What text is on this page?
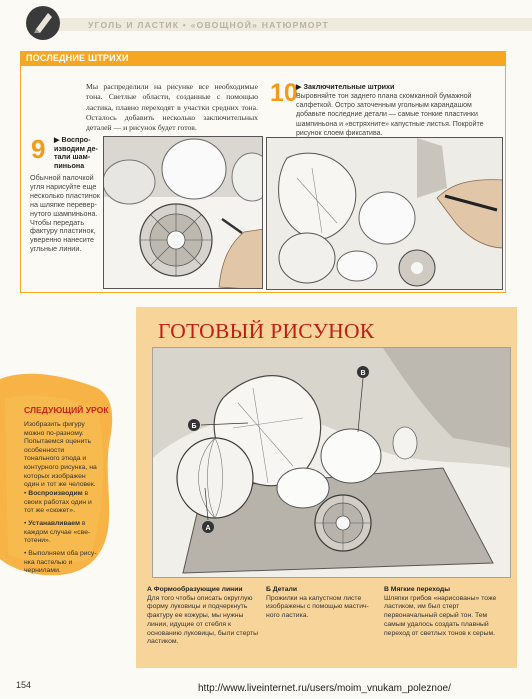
УГОЛЬ И ЛАСТИК • «ОВОЩНОЙ» НАТЮРМОРТ
ПОСЛЕДНИЕ ШТРИХИ
Мы распределили на рисунке все необходимые тона. Светлые области, созданные с помощью ластика, плавно переходят в участки средних тона. Осталось добавить несколько заключительных деталей — и рисунок будет готов.
9 ▶ Воспроизводим детали шампиньона
Обычной палочкой угля нарисуйте еще несколько пластинок на шляпке перевернутого шампиньона. Чтобы передать фактуру пластинок, уверенно нанесите угльные линии.
10
▶ Заключительные штрихи
Выровняйте тон заднего плана скомканной бумажной салфеткой. Остро заточенным угольным карандашом добавьте последние детали — самые тонкие пластинки шампиньона и «встряхните» капустные листья. Покройте рисунок слоем фиксатива.
СЛЕДУЮЩИЙ УРОК
Изобразить фигуру можно по-разному. Попытаемся оценить особенности тонального этюда и контурного рисунка, на которых изображен один и тот же человек.
• Воспроизводим в своих работах один и тот же «сюжет».
• Устанавливаем в каждом случае «светотени».
• Выполняем оба рисунка пастелью и чернилами.
ГОТОВЫЙ РИСУНОК
А
Б
В
А Формообразующие линии
Для того чтобы описать округлую форму луковицы и подчеркнуть фактуру ее кожуры, мы нужны линии, идущие от стебля к основанию луковицы, были стерты ластиком.
Б Детали
Прожилки на капустном листе изображены с помощью мастичного ластика.
В Мягкие переходы
Шляпки грибов «нарисованы» тоже ластиком, им был стерт первоначальный серый тон. Тем самым удалось создать плавный переход от светлых тонов к серым.
154	http://www.liveinternet.ru/users/moim_vnukam_poleznoe/
